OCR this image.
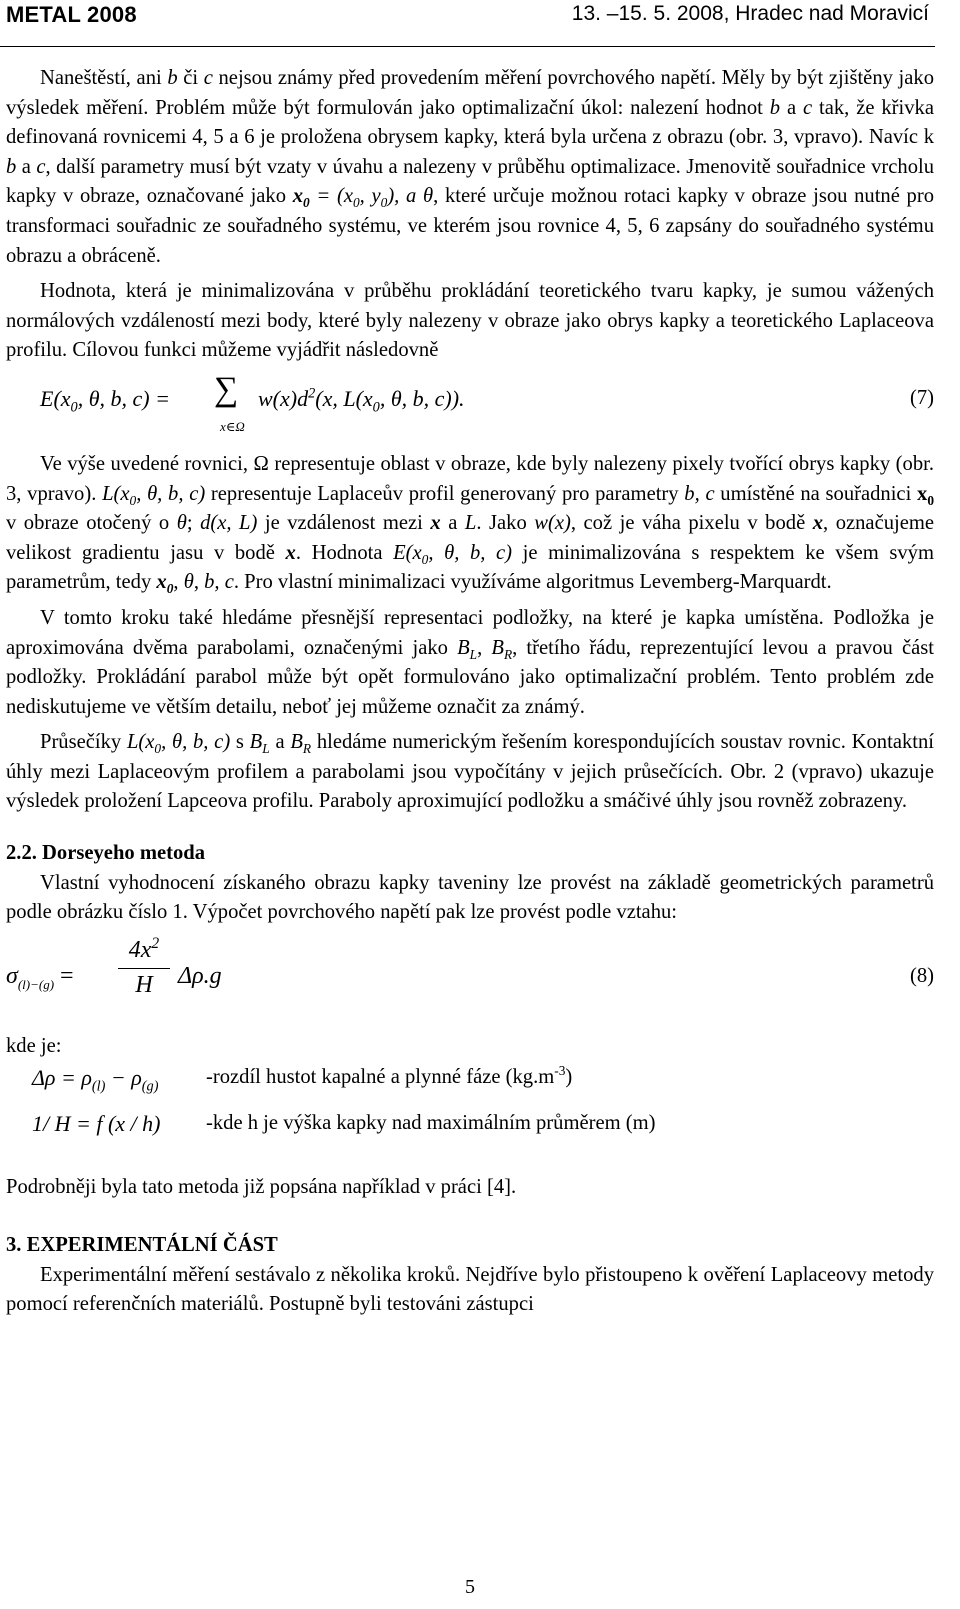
METAL 2008	13. –15. 5. 2008, Hradec nad Moravicí

Naneštěstí, ani b či c nejsou známy před provedením měření povrchového napětí. Měly by být zjištěny jako výsledek měření. Problém může být formulován jako optimalizační úkol: nalezení hodnot b a c tak, že křivka definovaná rovnicemi 4, 5 a 6 je proložena obrysem kapky, která byla určena z obrazu (obr. 3, vpravo). Navíc k b a c, další parametry musí být vzaty v úvahu a nalezeny v průběhu optimalizace. Jmenovitě souřadnice vrcholu kapky v obraze, označované jako $x_0 = (x_0$, $y_0$), a θ, které určuje možnou rotaci kapky v obraze jsou nutné pro transformaci souřadnic ze souřadného systému, ve kterém jsou rovnice 4, 5, 6 zapsány do souřadného systému obrazu a obráceně.

Hodnota, která je minimalizována v průběhu prokládání teoretického tvaru kapky, je sumou vážených normálových vzdáleností mezi body, které byly nalezeny v obraze jako obrys kapky a teoretického Laplaceova profilu. Cílovou funkci můžeme vyjádřit následovně

$E(x_0$, θ, b, c) = ∑
x∈Ω
$w(x)d^2(x$, $L(x_0$, θ, b, c)).	(7)

Ve výše uvedené rovnici, Ω representuje oblast v obraze, kde byly nalezeny pixely tvořící obrys kapky (obr. 3, vpravo). $L(x_0$, θ, b, c) representuje Laplaceův profil generovaný pro parametry b, c umístěné na souřadnici $x_0$ v obraze otočený o θ; d(x, L) je vzdálenost mezi x a L. Jako w(x), což je váha pixelu v bodě x, označujeme velikost gradientu jasu v bodě x. Hodnota $E(x_0$, θ, b, c) je minimalizována s respektem ke všem svým parametrům, tedy $x_0$, θ, b, c. Pro vlastní minimalizaci využíváme algoritmus Levemberg-Marquardt.

V tomto kroku také hledáme přesnější representaci podložky, na které je kapka umístěna. Podložka je aproximována dvěma parabolami, označenými jako $B_L$, $B_R$, třetího řádu, reprezentující levou a pravou část podložky. Prokládání parabol může být opět formulováno jako optimalizační problém. Tento problém zde nediskutujeme ve větším detailu, neboť jej můžeme označit za známý.

Průsečíky $L(x_0$, θ, b, c) s $B_L$ a $B_R$ hledáme numerickým řešením korespondujících soustav rovnic. Kontaktní úhly mezi Laplaceovým profilem a parabolami jsou vypočítány v jejich průsečících. Obr. 2 (vpravo) ukazuje výsledek proložení Lapceova profilu. Paraboly aproximující podložku a smáčivé úhly jsou rovněž zobrazeny.

2.2. Dorseyeho metoda

Vlastní vyhodnocení získaného obrazu kapky taveniny lze provést na základě geometrických parametrů podle obrázku číslo 1. Výpočet povrchového napětí pak lze provést podle vztahu:

$\sigma_{(l)-(g)} = \frac{4x^2}{H} \Delta\rho.g$	(8)

kde je:

$\Delta\rho = \rho_{(l)} - \rho_{(g)}$ -rozdíl hustot kapalné a plynné fáze $(kg.m^{-3})$
1/ H = f (x / h) -kde h je výška kapky nad maximálním průměrem (m)

Podrobněji byla tato metoda již popsána například v práci [4].

3. EXPERIMENTÁLNÍ ČÁST

Experimentální měření sestávalo z několika kroků. Nejdříve bylo přistoupeno k ověření Laplaceovy metody pomocí referenčních materiálů. Postupně byli testováni zástupci

5
